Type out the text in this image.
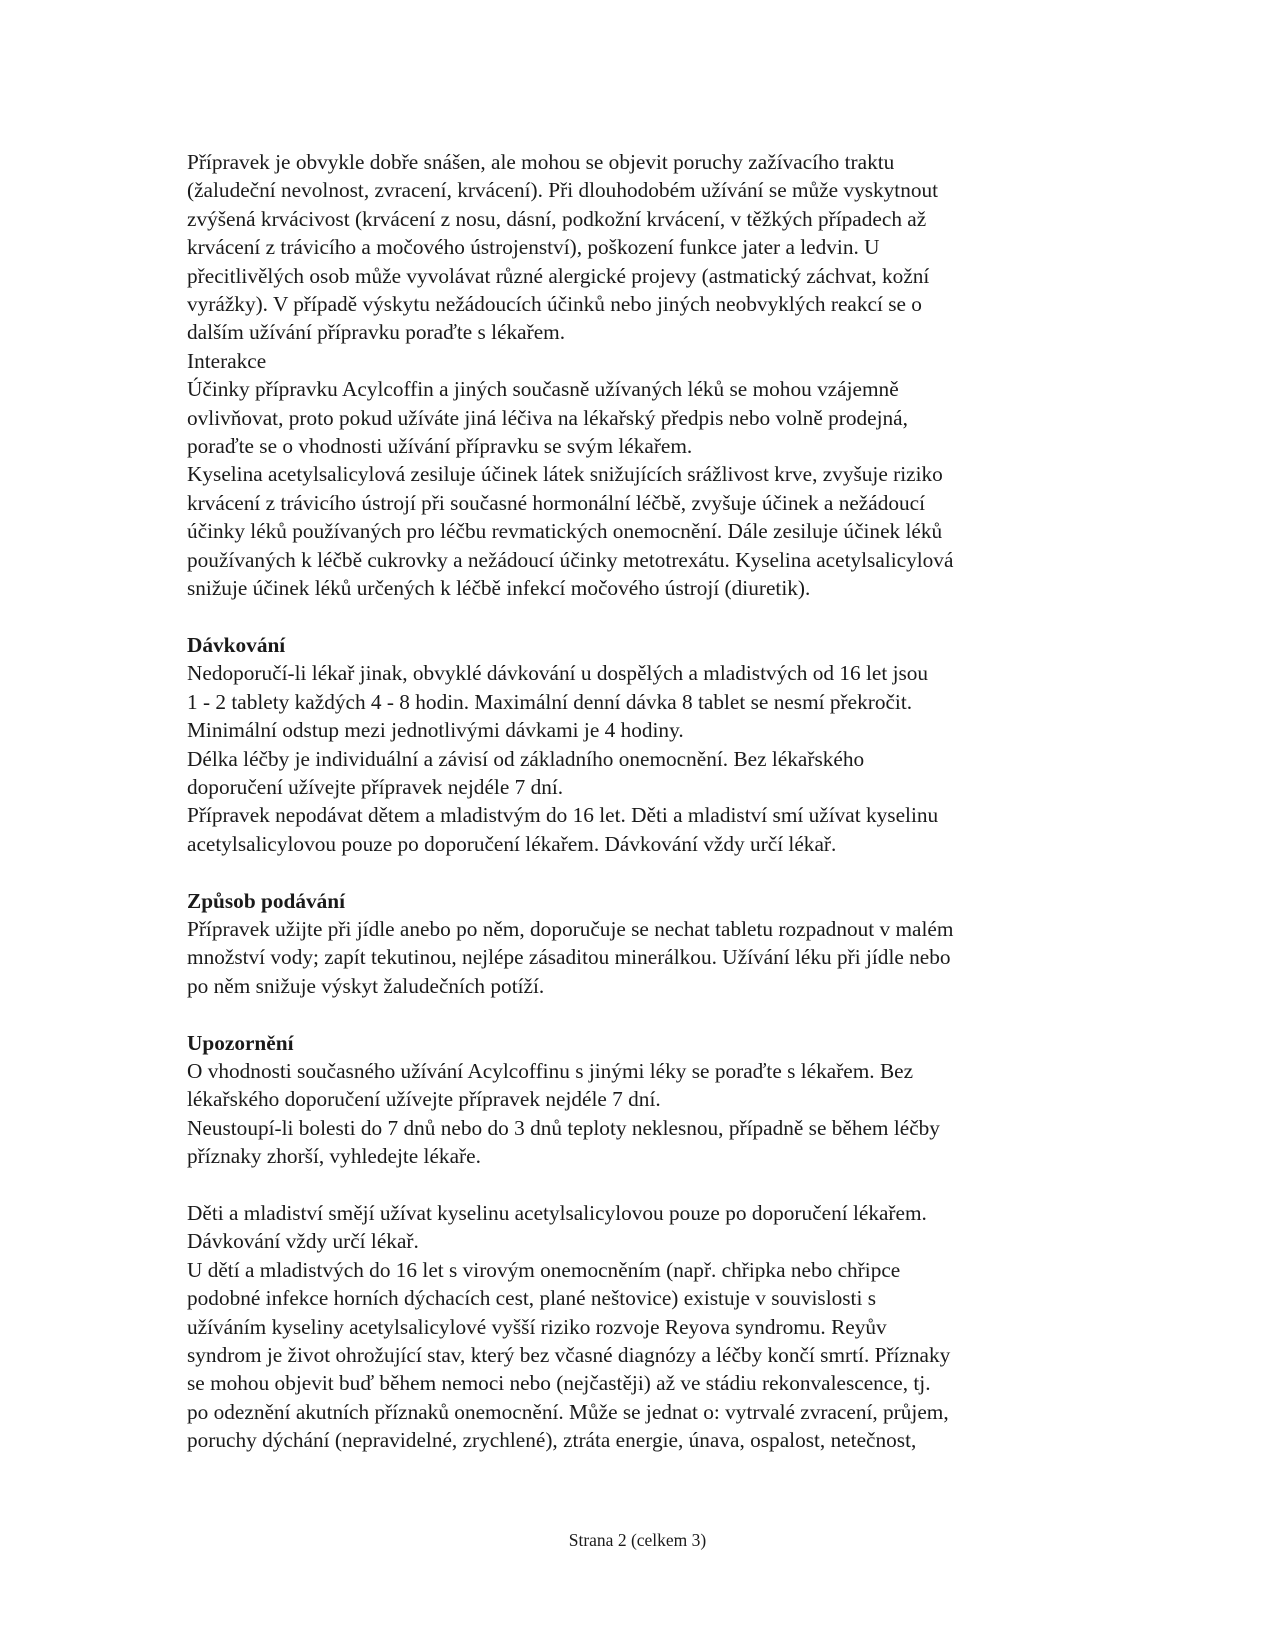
Přípravek je obvykle dobře snášen, ale mohou se objevit poruchy zažívacího traktu
(žaludeční nevolnost, zvracení, krvácení). Při dlouhodobém užívání se může vyskytnout
zvýšená krvácivost (krvácení z nosu, dásní, podkožní krvácení, v těžkých případech až
krvácení z trávicího a močového ústrojenství), poškození funkce jater a ledvin. U
přecitlivělých osob může vyvolávat různé alergické projevy (astmatický záchvat, kožní
vyrážky). V případě výskytu nežádoucích účinků nebo jiných neobvyklých reakcí se o
dalším užívání přípravku poraďte s lékařem.
Interakce
Účinky přípravku Acylcoffin a jiných současně užívaných léků se mohou vzájemně
ovlivňovat, proto pokud užíváte jiná léčiva na lékařský předpis nebo volně prodejná,
poraďte se o vhodnosti užívání přípravku se svým lékařem.
Kyselina acetylsalicylová zesiluje účinek látek snižujících srážlivost krve, zvyšuje riziko
krvácení z trávicího ústrojí při současné hormonální léčbě, zvyšuje účinek a nežádoucí
účinky léků používaných pro léčbu revmatických onemocnění. Dále zesiluje účinek léků
používaných k léčbě cukrovky a nežádoucí účinky metotrexátu. Kyselina acetylsalicylová
snižuje účinek léků určených k léčbě infekcí močového ústrojí (diuretik).
Dávkování
Nedoporučí-li lékař jinak, obvyklé dávkování u dospělých a mladistvých od 16 let jsou
1 - 2 tablety každých 4 - 8 hodin. Maximální denní dávka 8 tablet se nesmí překročit.
Minimální odstup mezi jednotlivými dávkami je 4 hodiny.
Délka léčby je individuální a závisí od základního onemocnění. Bez lékařského
doporučení užívejte přípravek nejdéle 7 dní.
Přípravek nepodávat dětem a mladistvým do 16 let. Děti a mladiství smí užívat kyselinu
acetylsalicylovou pouze po doporučení lékařem. Dávkování vždy určí lékař.
Způsob podávání
Přípravek užijte při jídle anebo po něm, doporučuje se nechat tabletu rozpadnout v malém
množství vody; zapít tekutinou, nejlépe zásaditou minerálkou. Užívání léku při jídle nebo
po něm snižuje výskyt žaludečních potíží.
Upozornění
O vhodnosti současného užívání Acylcoffinu s jinými léky se poraďte s lékařem. Bez
lékařského doporučení užívejte přípravek nejdéle 7 dní.
Neustoupí-li bolesti do 7 dnů nebo do 3 dnů teploty neklesnou, případně se během léčby
příznaky zhorší, vyhledejte lékaře.
Děti a mladiství smějí užívat kyselinu acetylsalicylovou pouze po doporučení lékařem.
Dávkování vždy určí lékař.
U dětí a mladistvých do 16 let s virovým onemocněním (např. chřipka nebo chřipce
podobné infekce horních dýchacích cest, plané neštovice) existuje v souvislosti s
užíváním kyseliny acetylsalicylové vyšší riziko rozvoje Reyova syndromu. Reyův
syndrom je život ohrožující stav, který bez včasné diagnózy a léčby končí smrtí. Příznaky
se mohou objevit buď během nemoci nebo (nejčastěji) až ve stádiu rekonvalescence, tj.
po odeznění akutních příznaků onemocnění. Může se jednat o: vytrvalé zvracení, průjem,
poruchy dýchání (nepravidelné, zrychlené), ztráta energie, únava, ospalost, netečnost,
Strana 2 (celkem 3)
